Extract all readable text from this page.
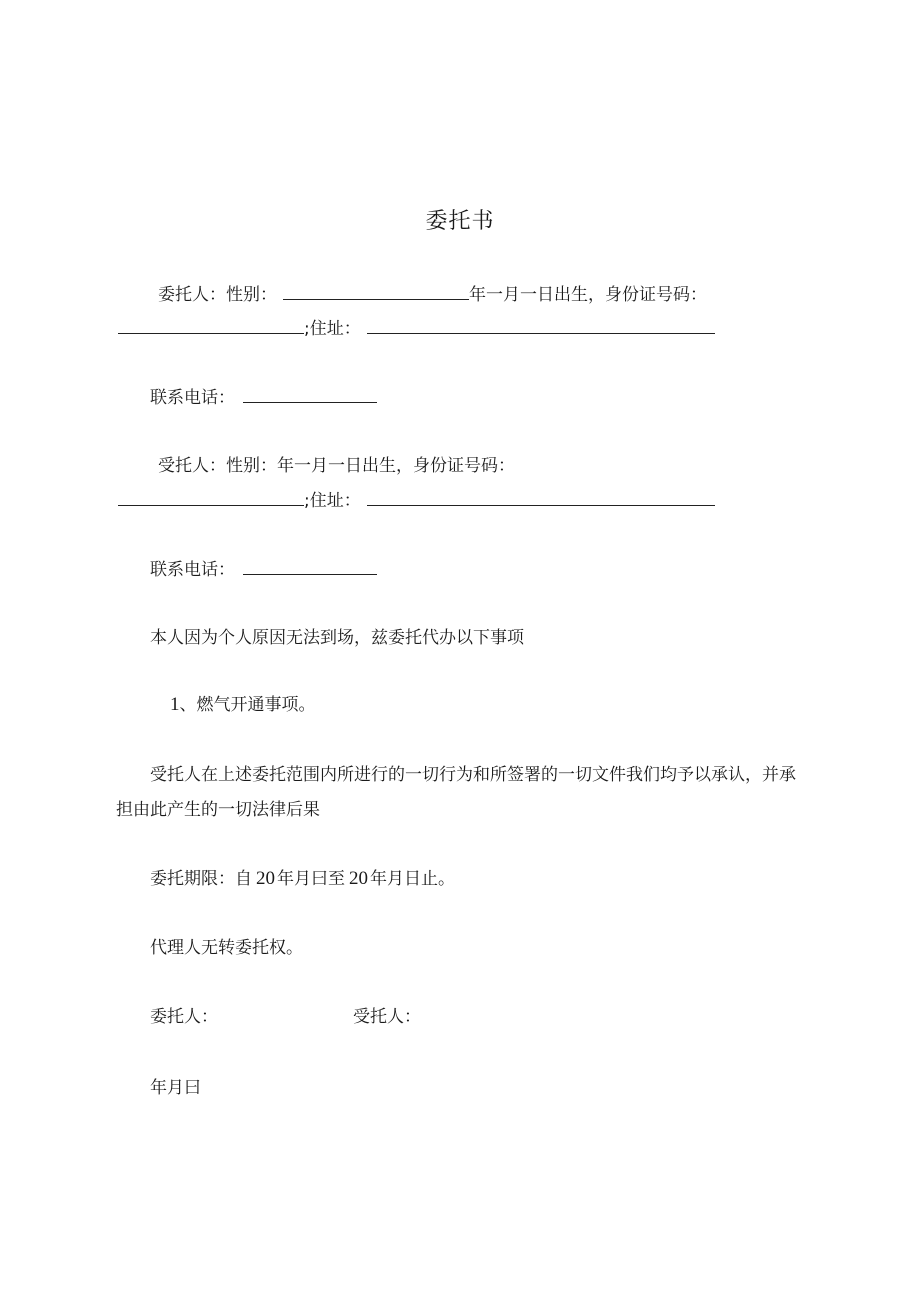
委托书
委托人：性别：	年一月一日出生，身份证号码：
;住址：
联系电话：
受托人：性别：年一月一日出生，身份证号码：
;住址：
联系电话：
本人因为个人原因无法到场，兹委托代办以下事项
1、燃气开通事项。
受托人在上述委托范围内所进行的一切行为和所签署的一切文件我们均予以承认，并承
担由此产生的一切法律后果
委托期限：自 20 年月曰至 20 年月日止。
代理人无转委托权。
委托人：	受托人：
年月曰
